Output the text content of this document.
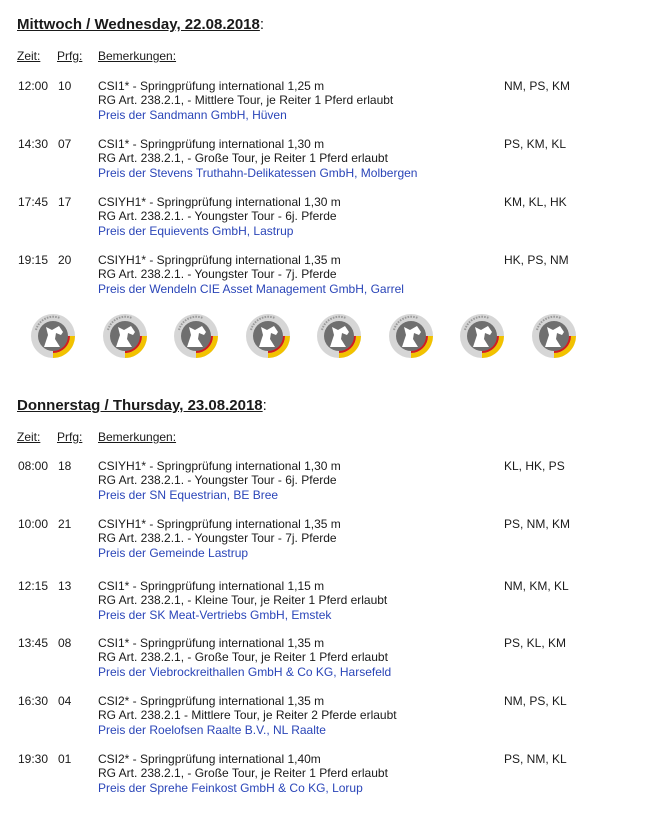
Mittwoch / Wednesday, 22.08.2018:
Zeit: Prfg: Bemerkungen:
12:00 10 CSI1* - Springprüfung international 1,25 m
RG Art. 238.2.1, - Mittlere Tour, je Reiter 1 Pferd erlaubt
Preis der Sandmann GmbH, Hüven
NM, PS, KM
14:30 07 CSI1* - Springprüfung international 1,30 m
RG Art. 238.2.1, - Große Tour, je Reiter 1 Pferd erlaubt
Preis der Stevens Truthahn-Delikatessen GmbH, Molbergen
PS, KM, KL
17:45 17 CSIYH1* - Springprüfung international 1,30 m
RG Art. 238.2.1. - Youngster Tour - 6j. Pferde
Preis der Equievents GmbH, Lastrup
KM, KL, HK
19:15 20 CSIYH1* - Springprüfung international 1,35 m
RG Art. 238.2.1. - Youngster Tour - 7j. Pferde
Preis der Wendeln CIE Asset Management GmbH, Garrel
HK, PS, NM
Donnerstag / Thursday, 23.08.2018:
Zeit: Prfg: Bemerkungen:
08:00 18 CSIYH1* - Springprüfung international 1,30 m
RG Art. 238.2.1. - Youngster Tour - 6j. Pferde
Preis der SN Equestrian, BE Bree
KL, HK, PS
10:00 21 CSIYH1* - Springprüfung international 1,35 m
RG Art. 238.2.1. - Youngster Tour - 7j. Pferde
Preis der Gemeinde Lastrup
PS, NM, KM
12:15 13 CSI1* - Springprüfung international 1,15 m
RG Art. 238.2.1, - Kleine Tour, je Reiter 1 Pferd erlaubt
Preis der SK Meat-Vertriebs GmbH, Emstek
NM, KM, KL
13:45 08 CSI1* - Springprüfung international 1,35 m
RG Art. 238.2.1, - Große Tour, je Reiter 1 Pferd erlaubt
Preis der Viebrockreithallen GmbH & Co KG, Harsefeld
PS, KL, KM
16:30 04 CSI2* - Springprüfung international 1,35 m
RG Art. 238.2.1 - Mittlere Tour, je Reiter 2 Pferde erlaubt
Preis der Roelofsen Raalte B.V., NL Raalte
NM, PS, KL
19:30 01 CSI2* - Springprüfung international 1,40m
RG Art. 238.2.1, - Große Tour, je Reiter 1 Pferd erlaubt
Preis der Sprehe Feinkost GmbH & Co KG, Lorup
PS, NM, KL
